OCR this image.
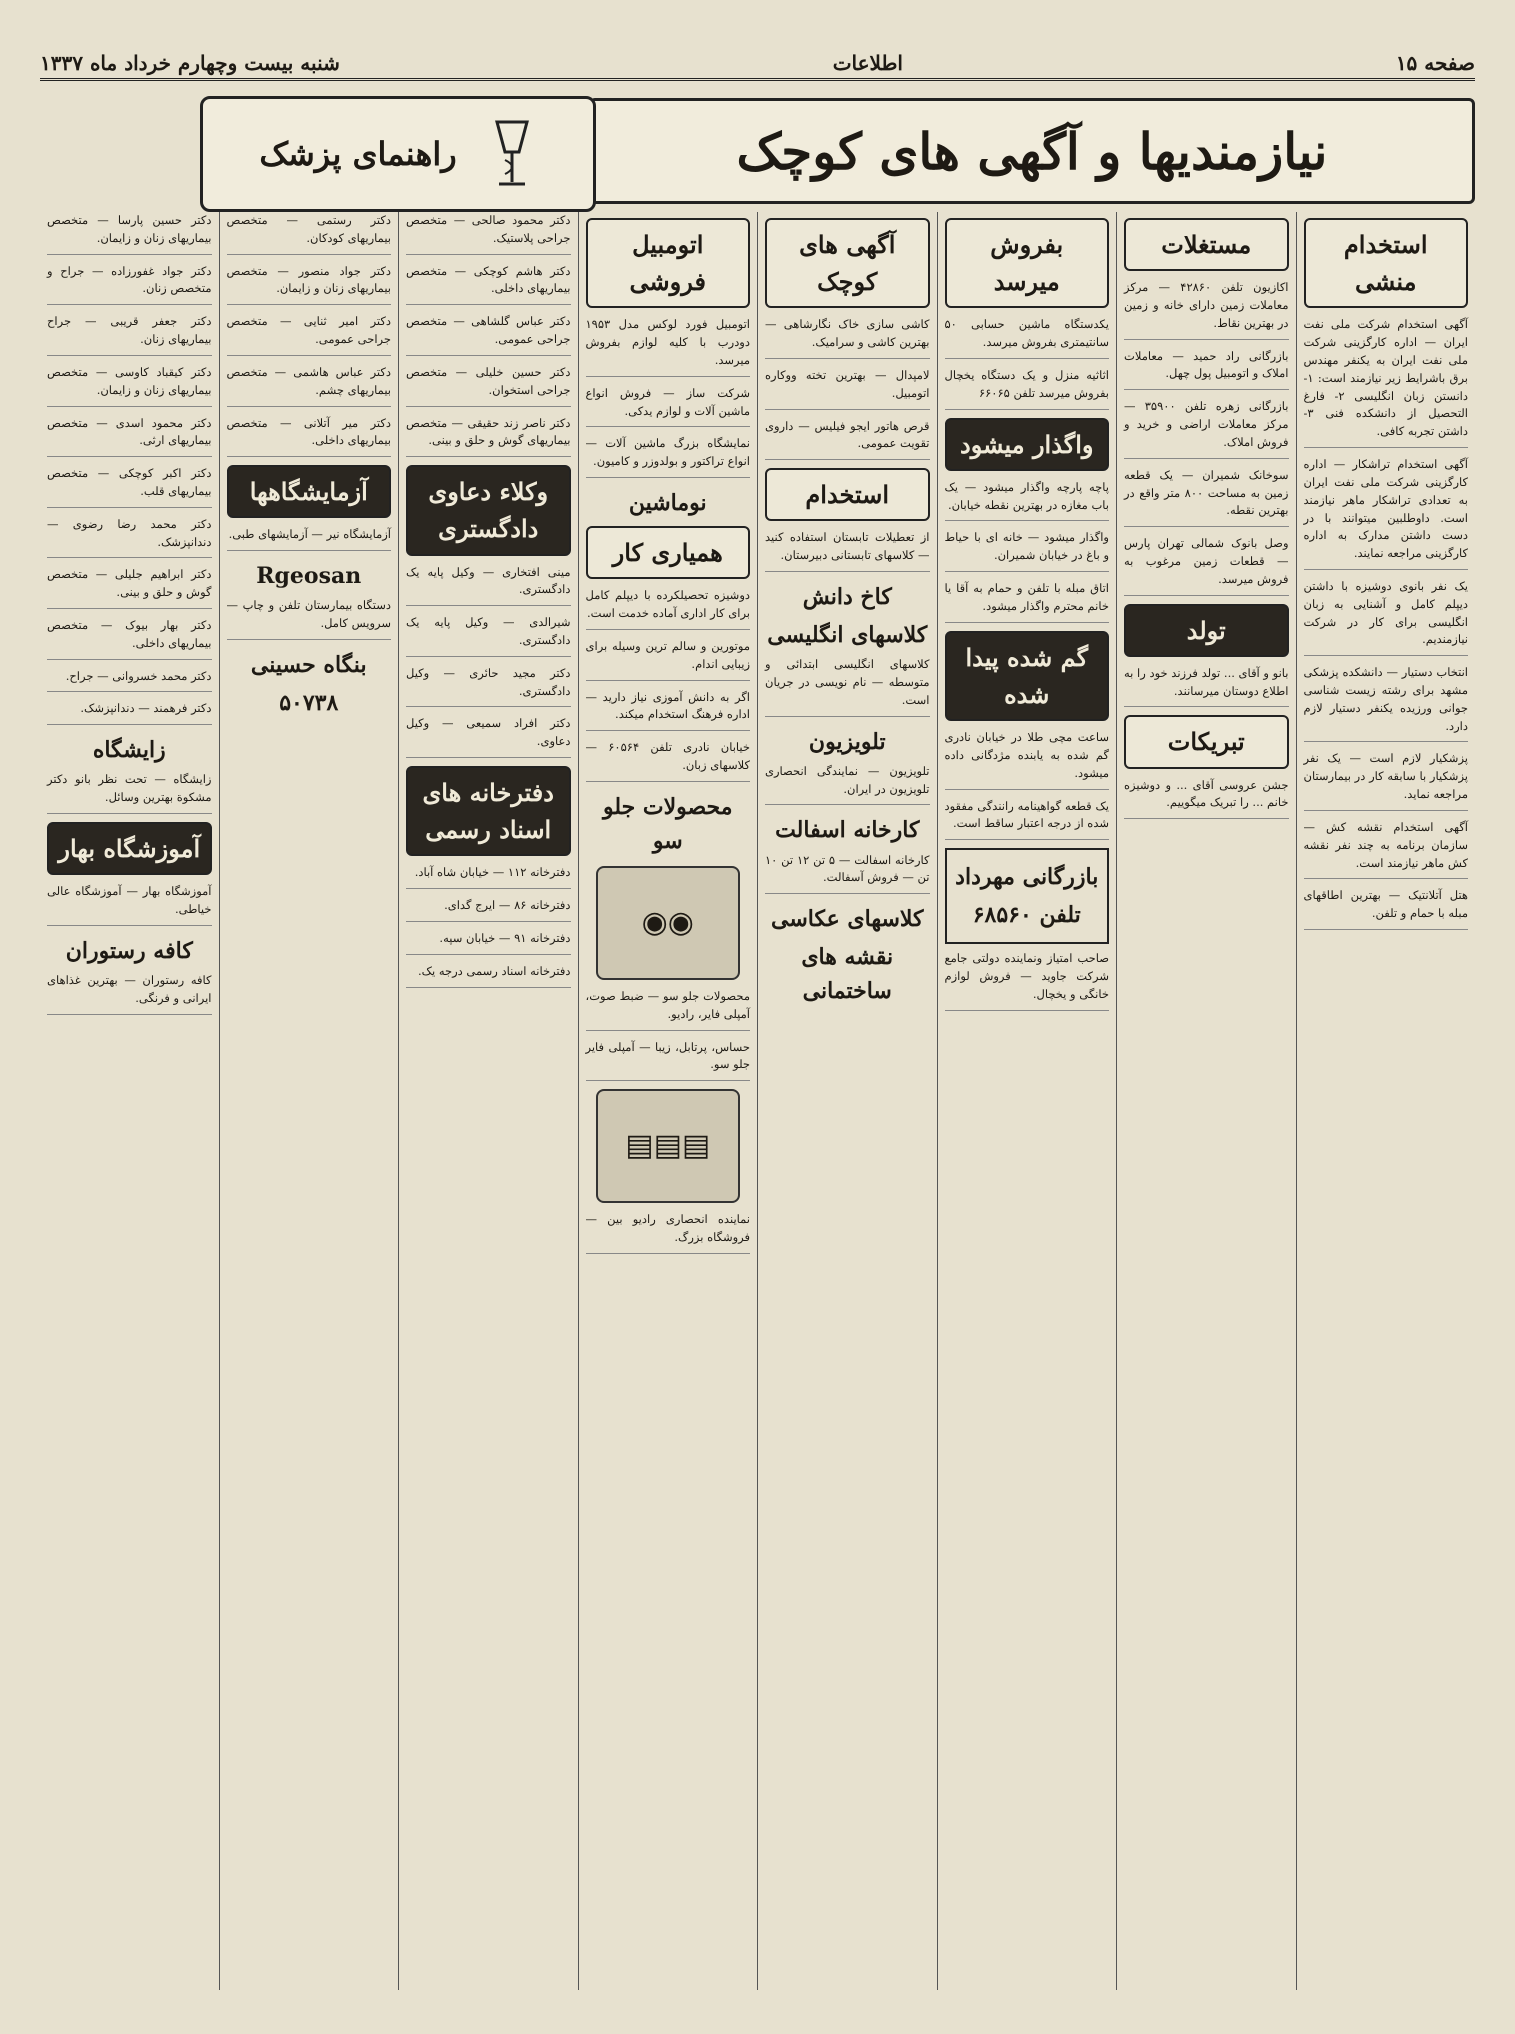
صفحه ۱۵
اطلاعات
شنبه بیست وچهارم خرداد ماه ۱۳۳۷
نیازمندیها و آگهی های کوچک
راهنمای پزشک
استخدام منشی

آگهی استخدام شرکت ملی نفت ایران — اداره کارگزینی شرکت ملی نفت ایران به یکنفر مهندس برق باشرایط زیر نیازمند است: ۱- دانستن زبان انگلیسی ۲- فارغ التحصیل از دانشکده فنی ۳- داشتن تجربه کافی.

آگهی استخدام تراشکار — اداره کارگزینی شرکت ملی نفت ایران به تعدادی تراشکار ماهر نیازمند است. داوطلبین میتوانند با در دست داشتن مدارک به اداره کارگزینی مراجعه نمایند.

یک نفر بانوی دوشیزه با داشتن دیپلم کامل و آشنایی به زبان انگلیسی برای کار در شرکت نیازمندیم.

انتخاب دستیار — دانشکده پزشکی مشهد برای رشته زیست شناسی جوانی ورزیده یکنفر دستیار لازم دارد.

پزشکیار لازم است — یک نفر پزشکیار با سابقه کار در بیمارستان مراجعه نماید.

آگهی استخدام نقشه کش — سازمان برنامه به چند نفر نقشه کش ماهر نیازمند است.

هتل آتلانتیک — بهترین اطاقهای مبله با حمام و تلفن.

مستغلات

اکازیون تلفن ۴۲۸۶۰ — مرکز معاملات زمین دارای خانه و زمین در بهترین نقاط.

بازرگانی راد حمید — معاملات املاک و اتومبیل پول چهل.

بازرگانی زهره تلفن ۳۵۹۰۰ — مرکز معاملات اراضی و خرید و فروش املاک.

سوخانک شمیران — یک قطعه زمین به مساحت ۸۰۰ متر واقع در بهترین نقطه.

وصل بانوک شمالی تهران پارس — قطعات زمین مرغوب به فروش میرسد.

تولد

بانو و آقای ... تولد فرزند خود را به اطلاع دوستان میرسانند.

تبریکات

جشن عروسی آقای ... و دوشیزه خانم ... را تبریک میگوییم.

بفروش میرسد

یکدستگاه ماشین حسابی ۵۰ سانتیمتری بفروش میرسد.

اثاثیه منزل و یک دستگاه یخچال بفروش میرسد تلفن ۶۶۰۶۵

واگذار میشود

پاچه پارچه واگذار میشود — یک باب مغازه در بهترین نقطه خیابان.

واگذار میشود — خانه ای با حیاط و باغ در خیابان شمیران.

اتاق مبله با تلفن و حمام به آقا یا خانم محترم واگذار میشود.

گم شده پیدا شده

ساعت مچی طلا در خیابان نادری گم شده به یابنده مژدگانی داده میشود.

یک قطعه گواهینامه رانندگی مفقود شده از درجه اعتبار ساقط است.

بازرگانی مهرداد
تلفن ۶۸۵۶۰

صاحب امتیاز ونماینده دولتی جامع شرکت جاوید — فروش لوازم خانگی و یخچال.

آگهی های کوچک

کاشی سازی خاک نگارشاهی — بهترین کاشی و سرامیک.

لامپدال — بهترین تخته ووکاره اتومبیل.

قرص هاتور ایجو فیلیس — داروی تقویت عمومی.

استخدام

از تعطیلات تابستان استفاده کنید — کلاسهای تابستانی دبیرستان.

کاخ دانش
کلاسهای انگلیسی

کلاسهای انگلیسی ابتدائی و متوسطه — نام نویسی در جریان است.

تلویزیون

تلویزیون — نمایندگی انحصاری تلویزیون در ایران.

کارخانه اسفالت

کارخانه اسفالت — ۵ تن ۱۲ تن ۱۰ تن — فروش آسفالت.

کلاسهای عکاسی
نقشه های ساختمانی
اتومبیل فروشی

اتومبیل فورد لوکس مدل ۱۹۵۳ دودرب با کلیه لوازم بفروش میرسد.

شرکت ساز — فروش انواع ماشین آلات و لوازم یدکی.

نمایشگاه بزرگ ماشین آلات — انواع تراکتور و بولدوزر و کامیون.

نوماشین
همیاری کار

دوشیزه تحصیلکرده با دیپلم کامل برای کار اداری آماده خدمت است.

موتورین و سالم ترین وسیله برای زیبایی اندام.

اگر به دانش آموزی نیاز دارید — اداره فرهنگ استخدام میکند.

خیابان نادری تلفن ۶۰۵۶۴ — کلاسهای زبان.

محصولات جلو سو
◉◉

محصولات جلو سو — ضبط صوت، آمپلی فایر، رادیو.

حساس، پرتابل، زیبا — آمپلی فایر جلو سو.

▤▤▤

نماینده انحصاری رادیو بین — فروشگاه بزرگ.

دکتر محمود صالحی — متخصص جراحی پلاستیک.

دکتر هاشم کوچکی — متخصص بیماریهای داخلی.

دکتر عباس گلشاهی — متخصص جراحی عمومی.

دکتر حسین خلیلی — متخصص جراحی استخوان.

دکتر ناصر زند حقیقی — متخصص بیماریهای گوش و حلق و بینی.

وکلاء دعاوی دادگستری

مینی افتخاری — وکیل پایه یک دادگستری.

شیرالدی — وکیل پایه یک دادگستری.

دکتر مجید حائری — وکیل دادگستری.

دکتر افراد سمیعی — وکیل دعاوی.

دفترخانه های اسناد رسمی

دفترخانه ۱۱۲ — خیابان شاه آباد.

دفترخانه ۸۶ — ایرج گدای.

دفترخانه ۹۱ — خیابان سپه.

دفترخانه اسناد رسمی درجه یک.

دکتر رستمی — متخصص بیماریهای کودکان.

دکتر جواد منصور — متخصص بیماریهای زنان و زایمان.

دکتر امیر ثنایی — متخصص جراحی عمومی.

دکتر عباس هاشمی — متخصص بیماریهای چشم.

دکتر میر آتلانی — متخصص بیماریهای داخلی.

آزمایشگاهها

آزمایشگاه نیر — آزمایشهای طبی.

Rgeosan

دستگاه بیمارستان تلفن و چاپ — سرویس کامل.

بنگاه حسینی
۵۰۷۳۸

دکتر حسین پارسا — متخصص بیماریهای زنان و زایمان.

دکتر جواد غفورزاده — جراح و متخصص زنان.

دکتر جعفر قریبی — جراح بیماریهای زنان.

دکتر کیقباد کاوسی — متخصص بیماریهای زنان و زایمان.

دکتر محمود اسدی — متخصص بیماریهای ارثی.

دکتر اکبر کوچکی — متخصص بیماریهای قلب.

دکتر محمد رضا رضوی — دندانپزشک.

دکتر ابراهیم جلیلی — متخصص گوش و حلق و بینی.

دکتر بهار بیوک — متخصص بیماریهای داخلی.

دکتر محمد خسروانی — جراح.

دکتر فرهمند — دندانپزشک.

زایشگاه

زایشگاه — تحت نظر بانو دکتر مشکوة بهترین وسائل.

آموزشگاه بهار

آموزشگاه بهار — آموزشگاه عالی خیاطی.

کافه رستوران

کافه رستوران — بهترین غذاهای ایرانی و فرنگی.
